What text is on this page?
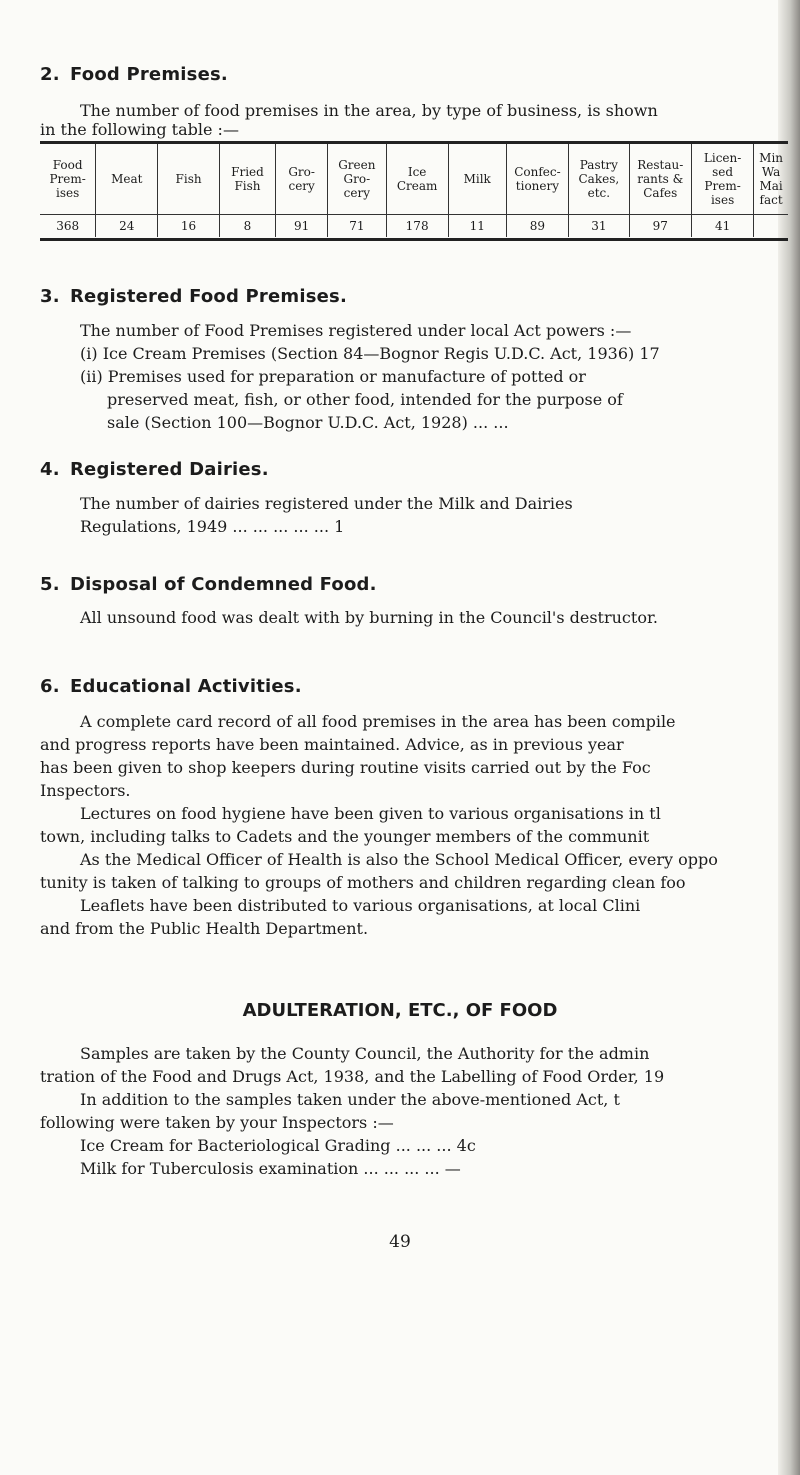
2. Food Premises.
The number of food premises in the area, by type of business, is shown
in the following table :—
Food Prem- ises	Meat	Fish	Fried Fish	Gro- cery	Green Gro- cery	Ice Cream	Milk	Confec- tionery	Pastry Cakes, etc.	Restau- rants & Cafes	Licen- sed Prem- ises	Min Wa Mai fact
368	24	16	8	91	71	178	11	89	31	97	41	
3. Registered Food Premises.
The number of Food Premises registered under local Act powers :—
(i) Ice Cream Premises (Section 84—Bognor Regis U.D.C. Act, 1936) 17
(ii) Premises used for preparation or manufacture of potted or
preserved meat, fish, or other food, intended for the purpose of
sale (Section 100—Bognor U.D.C. Act, 1928) ... ...
4. Registered Dairies.
The number of dairies registered under the Milk and Dairies
Regulations, 1949 ... ... ... ... ... 1
5. Disposal of Condemned Food.
All unsound food was dealt with by burning in the Council's destructor.
6. Educational Activities.
A complete card record of all food premises in the area has been compile
and progress reports have been maintained. Advice, as in previous year
has been given to shop keepers during routine visits carried out by the Foc
Inspectors.
Lectures on food hygiene have been given to various organisations in tl
town, including talks to Cadets and the younger members of the communit
As the Medical Officer of Health is also the School Medical Officer, every oppo
tunity is taken of talking to groups of mothers and children regarding clean foo
Leaflets have been distributed to various organisations, at local Clini
and from the Public Health Department.
ADULTERATION, ETC., OF FOOD
Samples are taken by the County Council, the Authority for the admin
tration of the Food and Drugs Act, 1938, and the Labelling of Food Order, 19
In addition to the samples taken under the above-mentioned Act, t
following were taken by your Inspectors :—
Ice Cream for Bacteriological Grading ... ... ... 4c
Milk for Tuberculosis examination ... ... ... ... —
49
